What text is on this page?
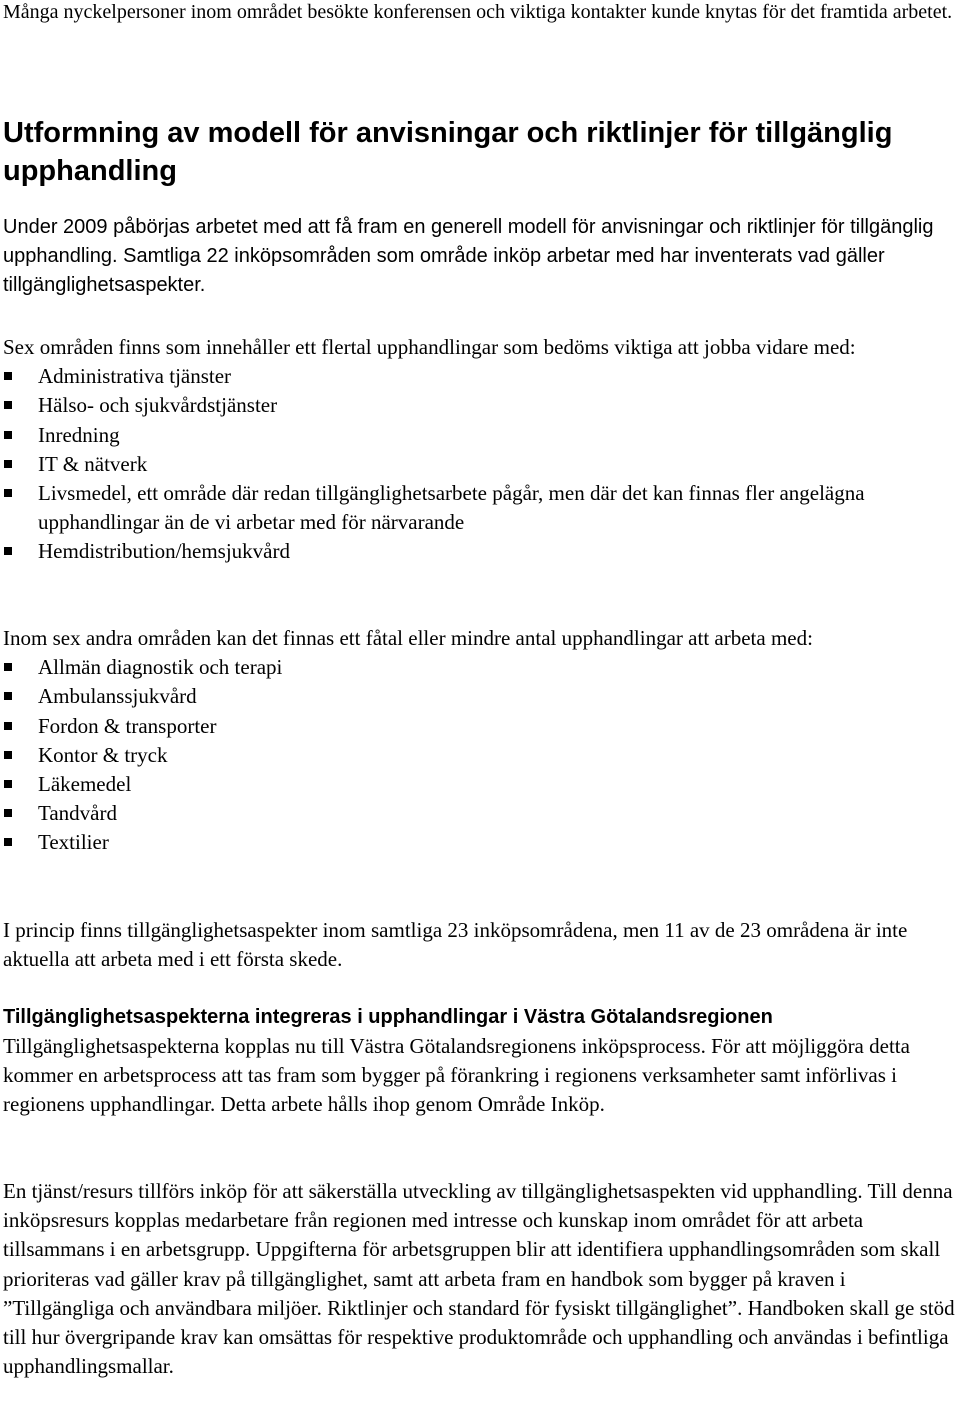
Många nyckelpersoner inom området besökte konferensen och viktiga kontakter kunde knytas för det framtida arbetet.

Utformning av modell för anvisningar och riktlinjer för tillgänglig upphandling

Under 2009 påbörjas arbetet med att få fram en generell modell för anvisningar och riktlinjer för tillgänglig upphandling. Samtliga 22 inköpsområden som område inköp arbetar med har inventerats vad gäller tillgänglighetsaspekter.

Sex områden finns som innehåller ett flertal upphandlingar som bedöms viktiga att jobba vidare med:

Administrativa tjänster
Hälso- och sjukvårdstjänster
Inredning
IT & nätverk
Livsmedel, ett område där redan tillgänglighetsarbete pågår, men där det kan finnas fler angelägna upphandlingar än de vi arbetar med för närvarande
Hemdistribution/hemsjukvård

Inom sex andra områden kan det finnas ett fåtal eller mindre antal upphandlingar att arbeta med:

Allmän diagnostik och terapi
Ambulanssjukvård
Fordon & transporter
Kontor & tryck
Läkemedel
Tandvård
Textilier

I princip finns tillgänglighetsaspekter inom samtliga 23 inköpsområdena, men 11 av de 23 områdena är inte aktuella att arbeta med i ett första skede.

Tillgänglighetsaspekterna integreras i upphandlingar i Västra Götalandsregionen

Tillgänglighetsaspekterna kopplas nu till Västra Götalandsregionens inköpsprocess. För att möjliggöra detta kommer en arbetsprocess att tas fram som bygger på förankring i regionens verksamheter samt införlivas i regionens upphandlingar. Detta arbete hålls ihop genom Område Inköp.

En tjänst/resurs tillförs inköp för att säkerställa utveckling av tillgänglighetsaspekten vid upphandling. Till denna inköpsresurs kopplas medarbetare från regionen med intresse och kunskap inom området för att arbeta tillsammans i en arbetsgrupp. Uppgifterna för arbetsgruppen blir att identifiera upphandlingsområden som skall prioriteras vad gäller krav på tillgänglighet, samt att arbeta fram en handbok som bygger på kraven i ”Tillgängliga och användbara miljöer. Riktlinjer och standard för fysiskt tillgänglighet”. Handboken skall ge stöd till hur övergripande krav kan omsättas för respektive produktområde och upphandling och användas i befintliga upphandlingsmallar.
